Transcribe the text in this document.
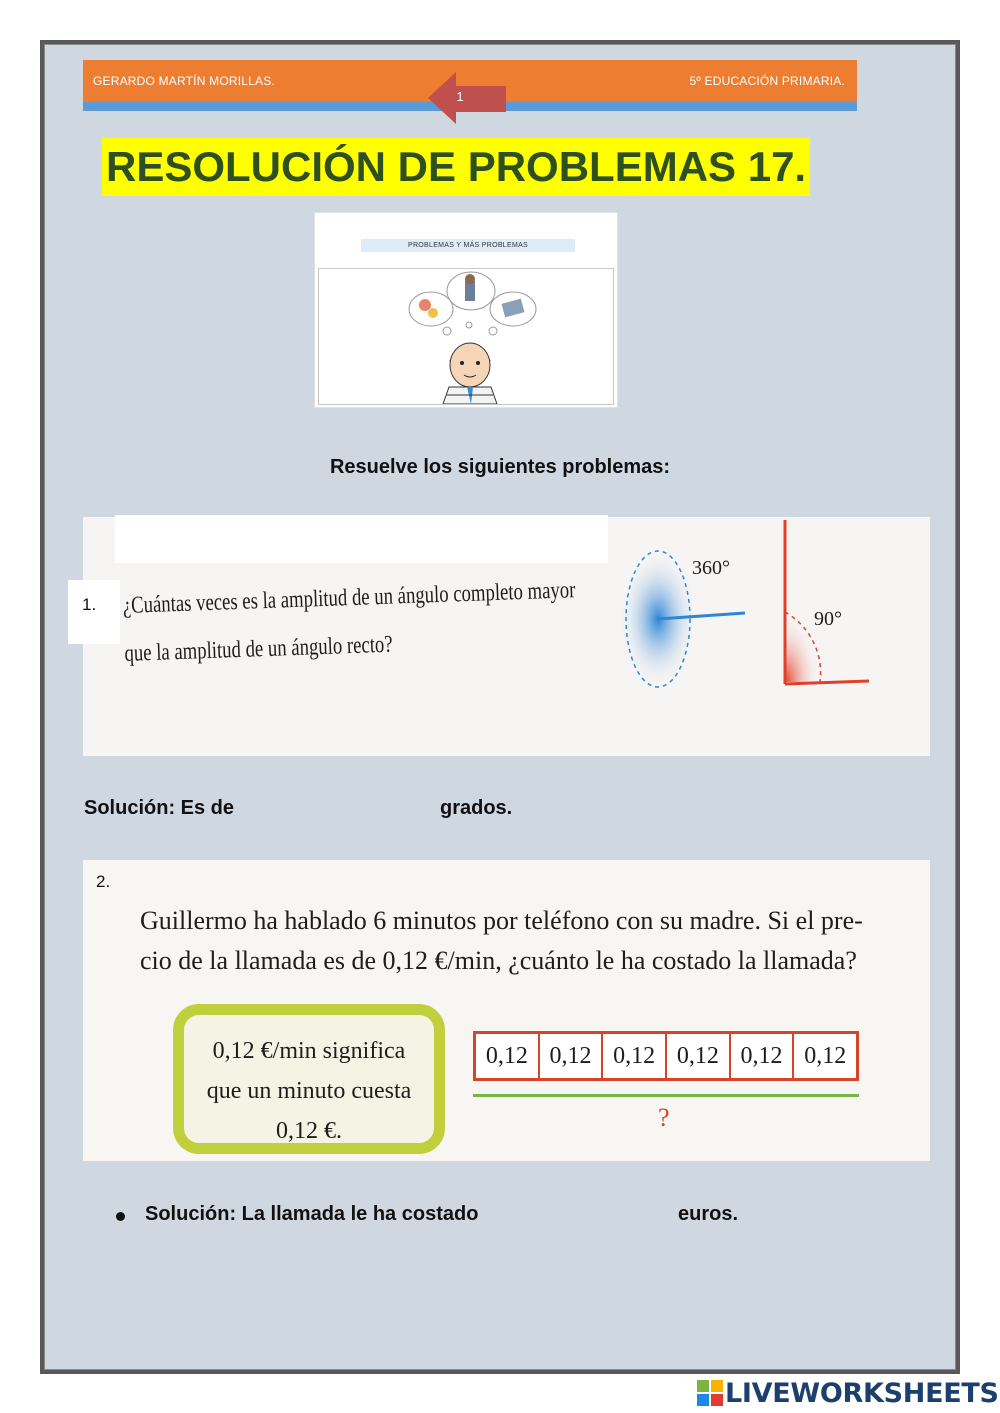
GERARDO MARTÍN MORILLAS.	5º EDUCACIÓN PRIMARIA.
1
RESOLUCIÓN DE PROBLEMAS 17.
PROBLEMAS Y MÁS PROBLEMAS
Resuelve los siguientes problemas:
360°
90°
1. ¿Cuántas veces es la amplitud de un ángulo completo mayor
que la amplitud de un ángulo recto?
Solución: Es de	grados.
2.
Guillermo ha hablado 6 minutos por teléfono con su madre. Si el pre-
cio de la llamada es de 0,12 €/min, ¿cuánto le ha costado la llamada?
0,12 €/min significa
que un minuto cuesta
0,12 €.
0,12 0,12 0,12 0,12 0,12 0,12
?
Solución: La llamada le ha costado	euros.
LIVEWORKSHEETS
